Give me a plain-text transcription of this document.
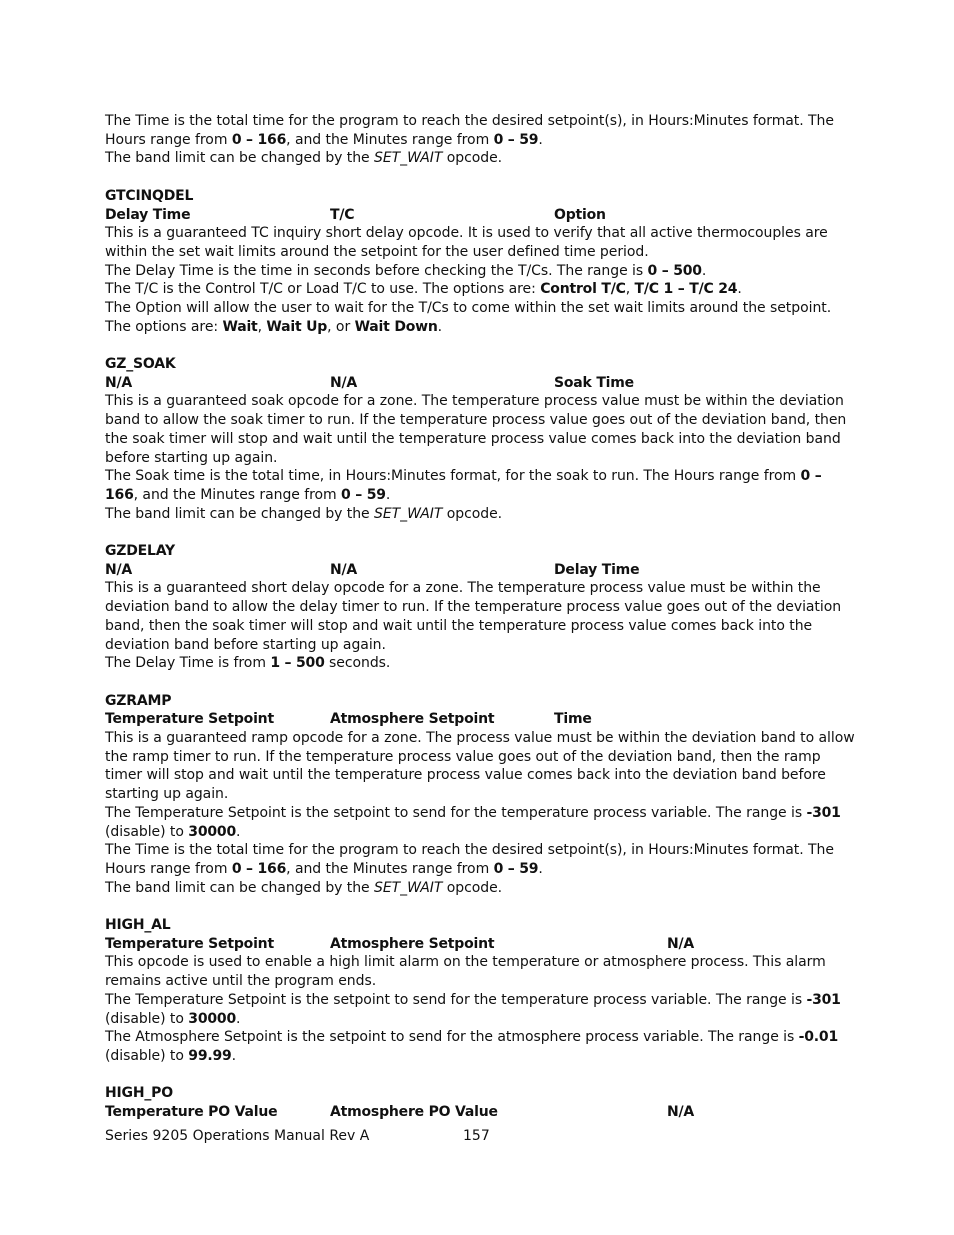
The Time is the total time for the program to reach the desired setpoint(s), in Hours:Minutes format. The
Hours range from 0 – 166, and the Minutes range from 0 – 59.
The band limit can be changed by the SET_WAIT opcode.
GTCINQDEL
Delay Time	T/C	Option
This is a guaranteed TC inquiry short delay opcode. It is used to verify that all active thermocouples are
within the set wait limits around the setpoint for the user defined time period.
The Delay Time is the time in seconds before checking the T/Cs. The range is 0 – 500.
The T/C is the Control T/C or Load T/C to use. The options are: Control T/C, T/C 1 – T/C 24.
The Option will allow the user to wait for the T/Cs to come within the set wait limits around the setpoint.
The options are: Wait, Wait Up, or Wait Down.
GZ_SOAK
N/A	N/A	Soak Time
This is a guaranteed soak opcode for a zone. The temperature process value must be within the deviation
band to allow the soak timer to run. If the temperature process value goes out of the deviation band, then
the soak timer will stop and wait until the temperature process value comes back into the deviation band
before starting up again.
The Soak time is the total time, in Hours:Minutes format, for the soak to run. The Hours range from 0 –
166, and the Minutes range from 0 – 59.
The band limit can be changed by the SET_WAIT opcode.
GZDELAY
N/A	N/A	Delay Time
This is a guaranteed short delay opcode for a zone. The temperature process value must be within the
deviation band to allow the delay timer to run. If the temperature process value goes out of the deviation
band, then the soak timer will stop and wait until the temperature process value comes back into the
deviation band before starting up again.
The Delay Time is from 1 – 500 seconds.
GZRAMP
Temperature Setpoint	Atmosphere Setpoint	Time
This is a guaranteed ramp opcode for a zone. The process value must be within the deviation band to allow
the ramp timer to run. If the temperature process value goes out of the deviation band, then the ramp
timer will stop and wait until the temperature process value comes back into the deviation band before
starting up again.
The Temperature Setpoint is the setpoint to send for the temperature process variable. The range is -301
(disable) to 30000.
The Time is the total time for the program to reach the desired setpoint(s), in Hours:Minutes format. The
Hours range from 0 – 166, and the Minutes range from 0 – 59.
The band limit can be changed by the SET_WAIT opcode.
HIGH_AL
Temperature Setpoint	Atmosphere Setpoint	N/A
This opcode is used to enable a high limit alarm on the temperature or atmosphere process. This alarm
remains active until the program ends.
The Temperature Setpoint is the setpoint to send for the temperature process variable. The range is -301
(disable) to 30000.
The Atmosphere Setpoint is the setpoint to send for the atmosphere process variable. The range is -0.01
(disable) to 99.99.
HIGH_PO
Temperature PO Value	Atmosphere PO Value	N/A
Series 9205 Operations Manual Rev A	157
